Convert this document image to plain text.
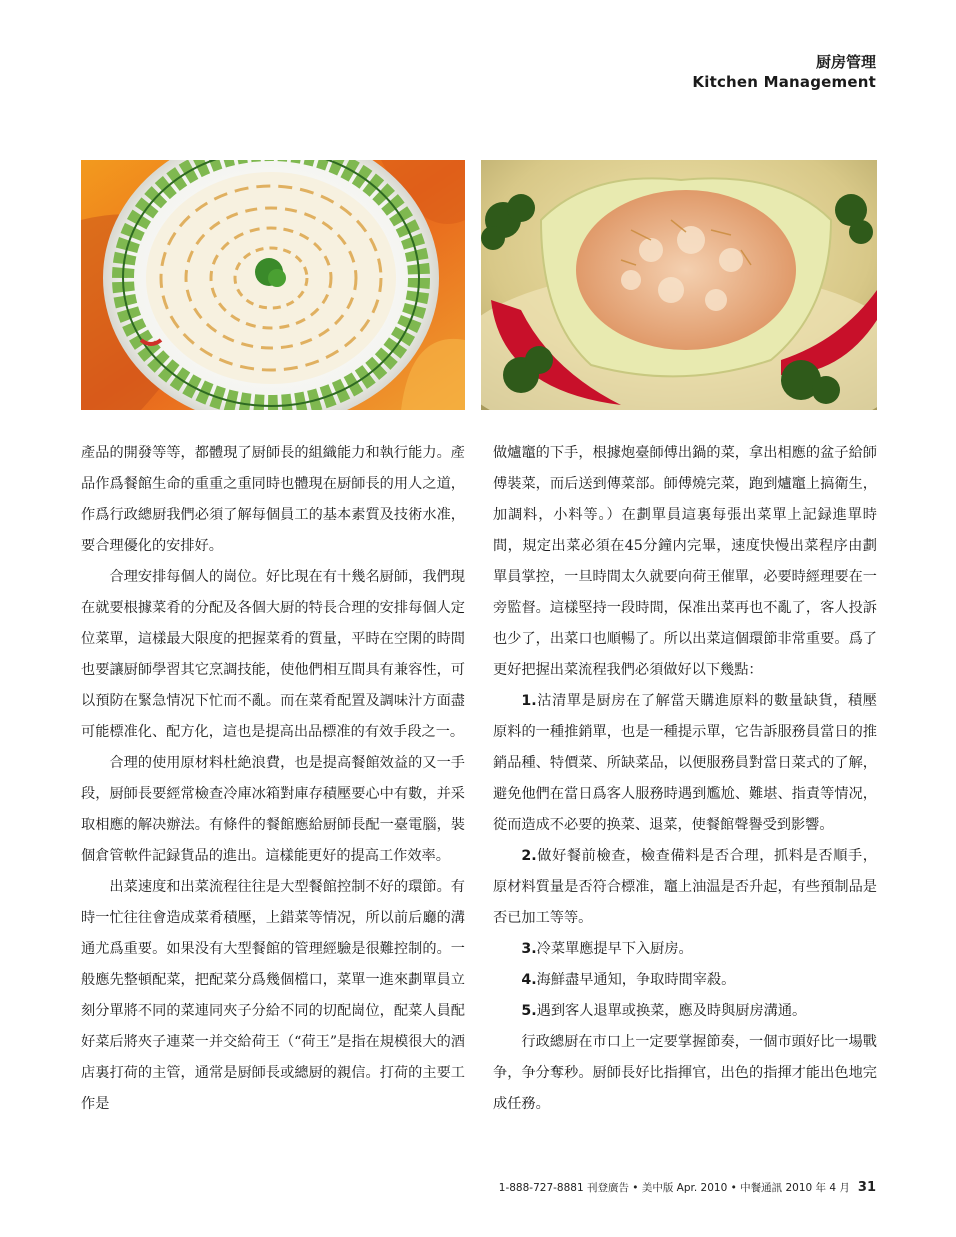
厨房管理
Kitchen Management

產品的開發等等，都體現了厨師長的組織能力和執行能力。產品作爲餐館生命的重重之重同時也體現在厨師長的用人之道，作爲行政總厨我們必須了解每個員工的基本素質及技術水准，要合理優化的安排好。

合理安排每個人的崗位。好比現在有十幾名厨師，我們現在就要根據菜肴的分配及各個大厨的特長合理的安排每個人定位菜單，這樣最大限度的把握菜肴的質量，平時在空閑的時間也要讓厨師學習其它烹調技能，使他們相互間具有兼容性，可以預防在緊急情况下忙而不亂。而在菜肴配置及調味汁方面盡可能標准化、配方化，這也是提高出品標准的有效手段之一。

合理的使用原材料杜絶浪費，也是提高餐館效益的又一手段，厨師長要經常檢查冷庫冰箱對庫存積壓要心中有數，并采取相應的解决辦法。有條件的餐館應給厨師長配一臺電腦，裝個倉管軟件記録貨品的進出。這樣能更好的提高工作效率。

出菜速度和出菜流程往往是大型餐館控制不好的環節。有時一忙往往會造成菜肴積壓，上錯菜等情况，所以前后廳的溝通尤爲重要。如果没有大型餐館的管理經驗是很難控制的。一般應先整頓配菜，把配菜分爲幾個檔口，菜單一進來劃單員立刻分單將不同的菜連同夾子分給不同的切配崗位，配菜人員配好菜后將夾子連菜一并交給荷王（“荷王”是指在規模很大的酒店裏打荷的主管，通常是厨師長或總厨的親信。打荷的主要工作是

做爐竈的下手，根據炮臺師傅出鍋的菜，拿出相應的盆子給師傅裝菜，而后送到傳菜部。師傅燒完菜，跑到爐竈上搞衛生，加調料，小料等。）在劃單員這裏每張出菜單上記録進單時間，規定出菜必須在45分鐘内完畢，速度快慢出菜程序由劃單員掌控，一旦時間太久就要向荷王催單，必要時經理要在一旁監督。這樣堅持一段時間，保准出菜再也不亂了，客人投訴也少了，出菜口也順暢了。所以出菜這個環節非常重要。爲了更好把握出菜流程我們必須做好以下幾點：

1.沽清單是厨房在了解當天購進原料的數量缺貨，積壓原料的一種推銷單，也是一種提示單，它告訴服務員當日的推銷品種、特價菜、所缺菜品，以便服務員對當日菜式的了解，避免他們在當日爲客人服務時遇到尷尬、難堪、指責等情况，從而造成不必要的换菜、退菜，使餐館聲譽受到影響。

2.做好餐前檢查，檢查備料是否合理，抓料是否順手，原材料質量是否符合標准，竈上油温是否升起，有些預制品是否已加工等等。

3.冷菜單應提早下入厨房。

4.海鮮盡早通知，争取時間宰殺。

5.遇到客人退單或换菜，應及時與厨房溝通。

行政總厨在市口上一定要掌握節奏，一個市頭好比一場戰争，争分奪秒。厨師長好比指揮官，出色的指揮才能出色地完成任務。

1-888-727-8881 刊登廣告 • 美中版 Apr. 2010 • 中餐通訊 2010 年 4 月 31
